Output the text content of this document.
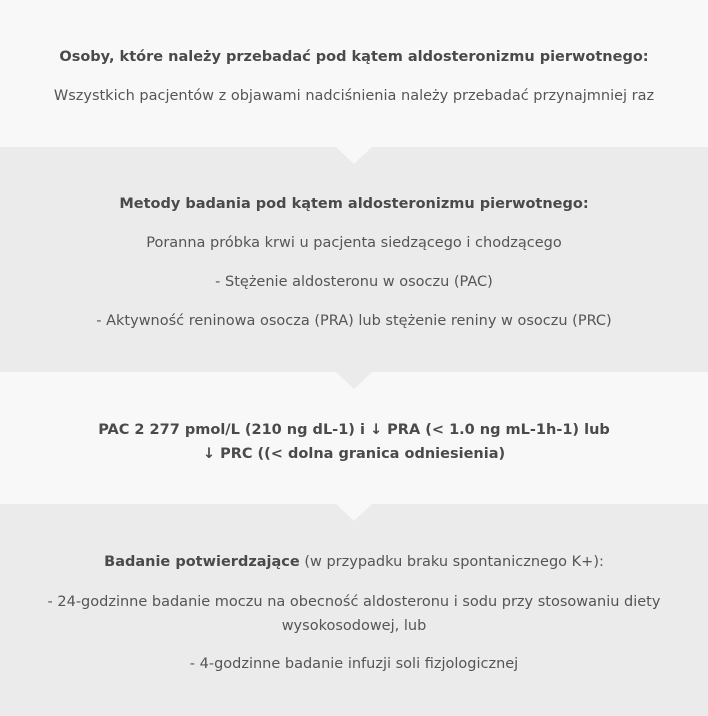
Osoby, które należy przebadać pod kątem aldosteronizmu pierwotnego:
Wszystkich pacjentów z objawami nadciśnienia należy przebadać przynajmniej raz
Metody badania pod kątem aldosteronizmu pierwotnego:
Poranna próbka krwi u pacjenta siedzącego i chodzącego
- Stężenie aldosteronu w osoczu (PAC)
- Aktywność reninowa osocza (PRA) lub stężenie reniny w osoczu (PRC)
PAC 2 277 pmol/L (210 ng dL-1) i ↓ PRA (< 1.0 ng mL-1h-1) lub
↓ PRC ((< dolna granica odniesienia)
Badanie potwierdzające (w przypadku braku spontanicznego K+):
- 24-godzinne badanie moczu na obecność aldosteronu i sodu przy stosowaniu diety
wysokosodowej, lub
- 4-godzinne badanie infuzji soli fizjologicznej
